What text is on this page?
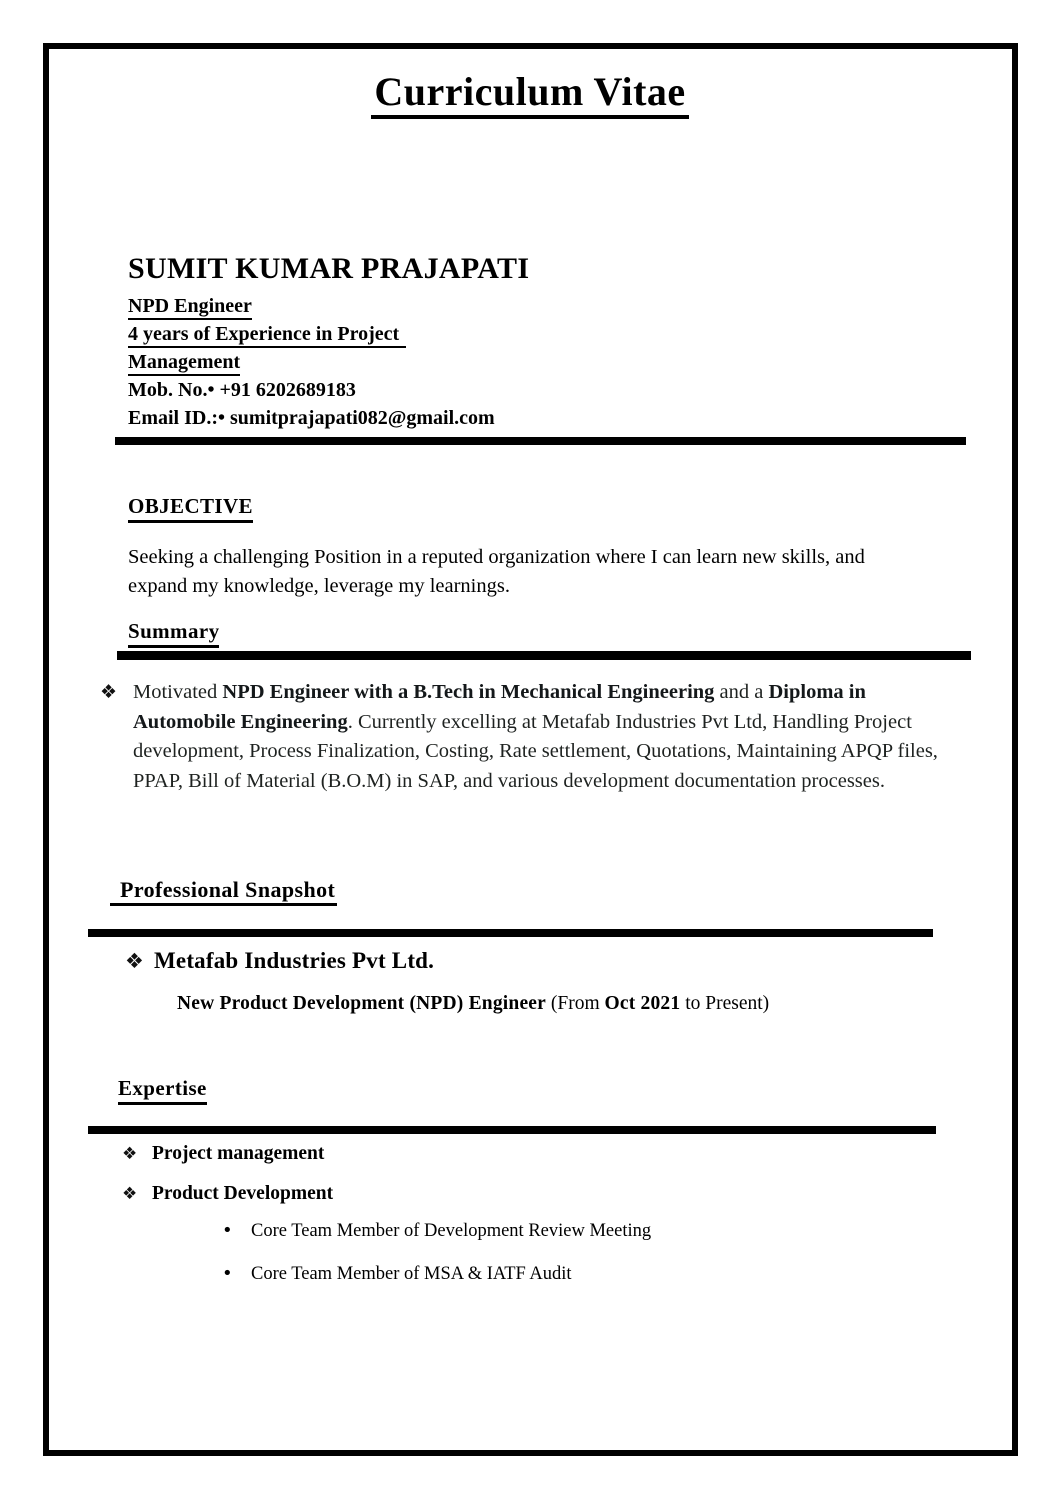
Curriculum Vitae
SUMIT KUMAR PRAJAPATI
NPD Engineer
4 years of Experience in Project
Management
Mob. No.• +91 6202689183
Email ID.:• sumitprajapati082@gmail.com
OBJECTIVE
Seeking a challenging Position in a reputed organization where I can learn new skills, and expand my knowledge, leverage my learnings.
Summary
❖ Motivated NPD Engineer with a B.Tech in Mechanical Engineering and a Diploma in Automobile Engineering. Currently excelling at Metafab Industries Pvt Ltd, Handling Project development, Process Finalization, Costing, Rate settlement, Quotations, Maintaining APQP files, PPAP, Bill of Material (B.O.M) in SAP, and various development documentation processes.

Professional Snapshot
❖ Metafab Industries Pvt Ltd.
New Product Development (NPD) Engineer (From Oct 2021 to Present)
Expertise
❖ Project management
❖ Product Development
• Core Team Member of Development Review Meeting
• Core Team Member of MSA & IATF Audit
